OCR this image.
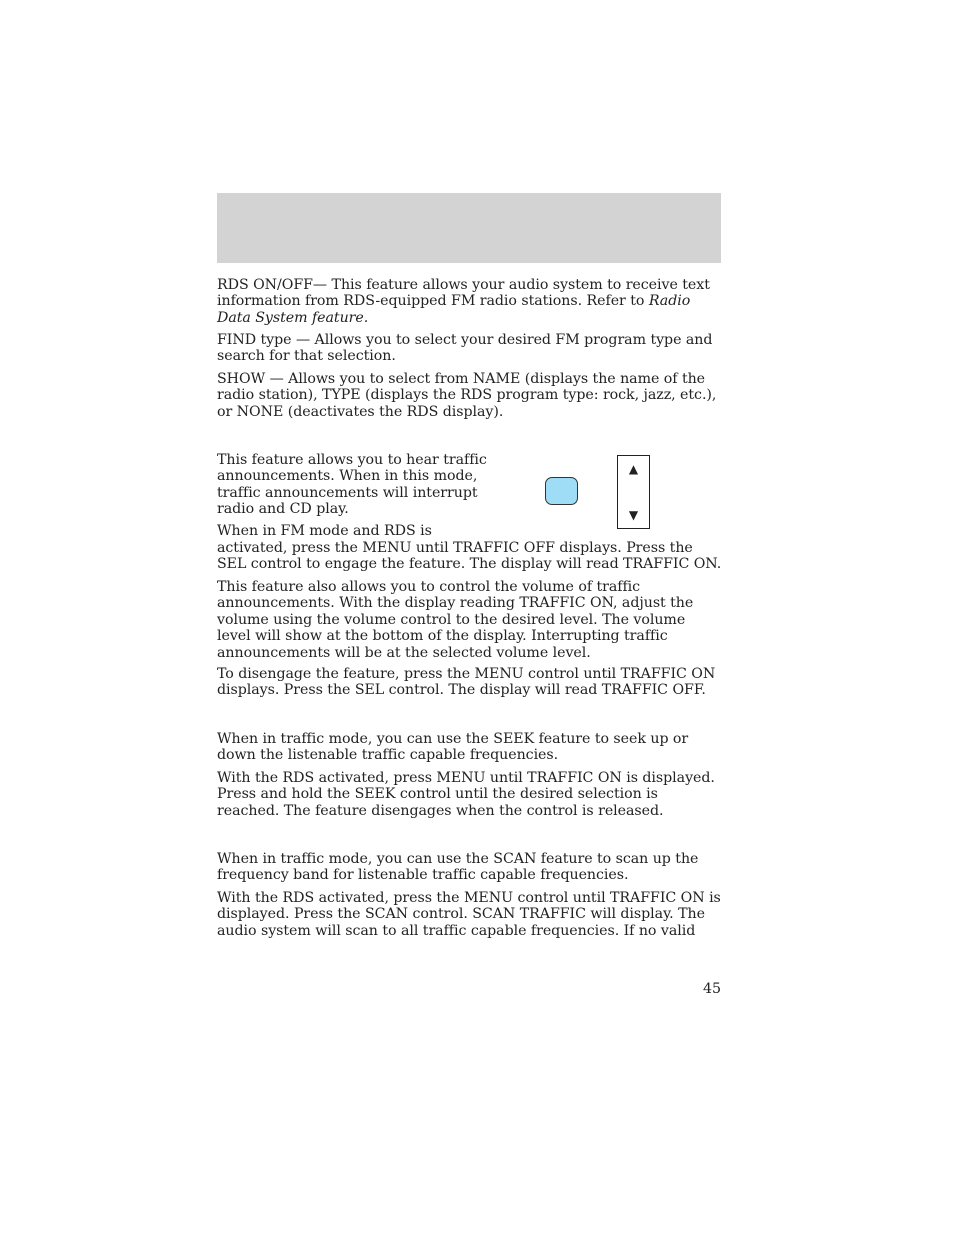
RDS ON/OFF— This feature allows your audio system to receive text information from RDS-equipped FM radio stations. Refer to Radio Data System feature.

FIND type — Allows you to select your desired FM program type and search for that selection.

SHOW — Allows you to select from NAME (displays the name of the radio station), TYPE (displays the RDS program type: rock, jazz, etc.), or NONE (deactivates the RDS display).

This feature allows you to hear traffic announcements. When in this mode, traffic announcements will interrupt radio and CD play.

▲
▼

When in FM mode and RDS is

activated, press the MENU until TRAFFIC OFF displays. Press the SEL control to engage the feature. The display will read TRAFFIC ON.

This feature also allows you to control the volume of traffic announcements. With the display reading TRAFFIC ON, adjust the volume using the volume control to the desired level. The volume level will show at the bottom of the display. Interrupting traffic announcements will be at the selected volume level.

To disengage the feature, press the MENU control until TRAFFIC ON displays. Press the SEL control. The display will read TRAFFIC OFF.

When in traffic mode, you can use the SEEK feature to seek up or down the listenable traffic capable frequencies.

With the RDS activated, press MENU until TRAFFIC ON is displayed. Press and hold the SEEK control until the desired selection is reached. The feature disengages when the control is released.

When in traffic mode, you can use the SCAN feature to scan up the frequency band for listenable traffic capable frequencies.

With the RDS activated, press the MENU control until TRAFFIC ON is displayed. Press the SCAN control. SCAN TRAFFIC will display. The audio system will scan to all traffic capable frequencies. If no valid

45
